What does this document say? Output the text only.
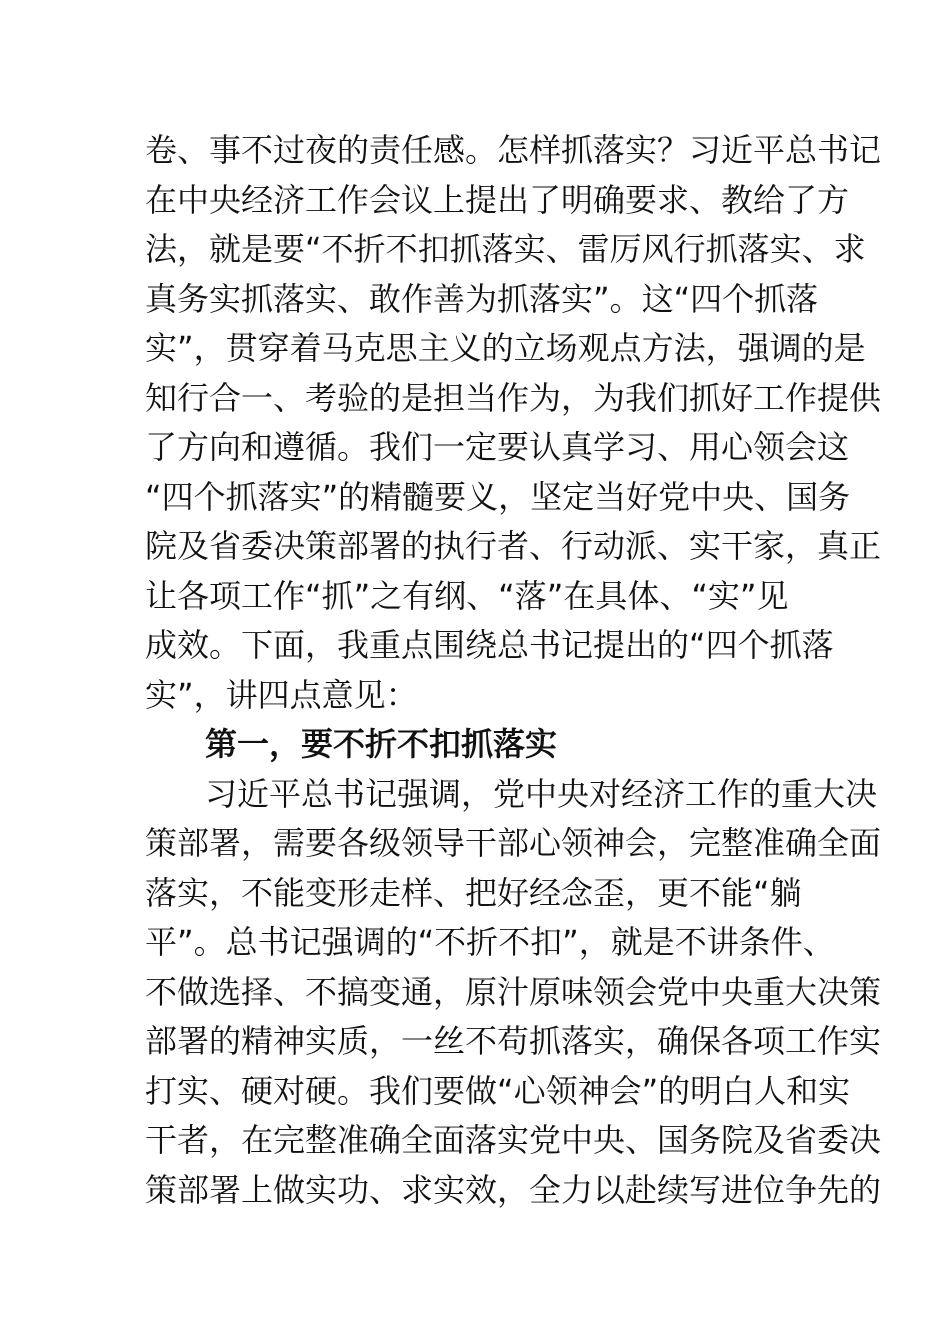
卷、事不过夜的责任感。怎样抓落实？习近平总书记
在中央经济工作会议上提出了明确要求、教给了方
法，就是要“不折不扣抓落实、雷厉风行抓落实、求
真务实抓落实、敢作善为抓落实”。这“四个抓落
实”，贯穿着马克思主义的立场观点方法，强调的是
知行合一、考验的是担当作为，为我们抓好工作提供
了方向和遵循。我们一定要认真学习、用心领会这
“四个抓落实”的精髓要义，坚定当好党中央、国务
院及省委决策部署的执行者、行动派、实干家，真正
让各项工作“抓”之有纲、“落”在具体、“实”见
成效。下面，我重点围绕总书记提出的“四个抓落
实”，讲四点意见：
第一，要不折不扣抓落实
习近平总书记强调，党中央对经济工作的重大决
策部署，需要各级领导干部心领神会，完整准确全面
落实，不能变形走样、把好经念歪，更不能“躺
平”。总书记强调的“不折不扣”，就是不讲条件、
不做选择、不搞变通，原汁原味领会党中央重大决策
部署的精神实质，一丝不苟抓落实，确保各项工作实
打实、硬对硬。我们要做“心领神会”的明白人和实
干者，在完整准确全面落实党中央、国务院及省委决
策部署上做实功、求实效，全力以赴续写进位争先的
